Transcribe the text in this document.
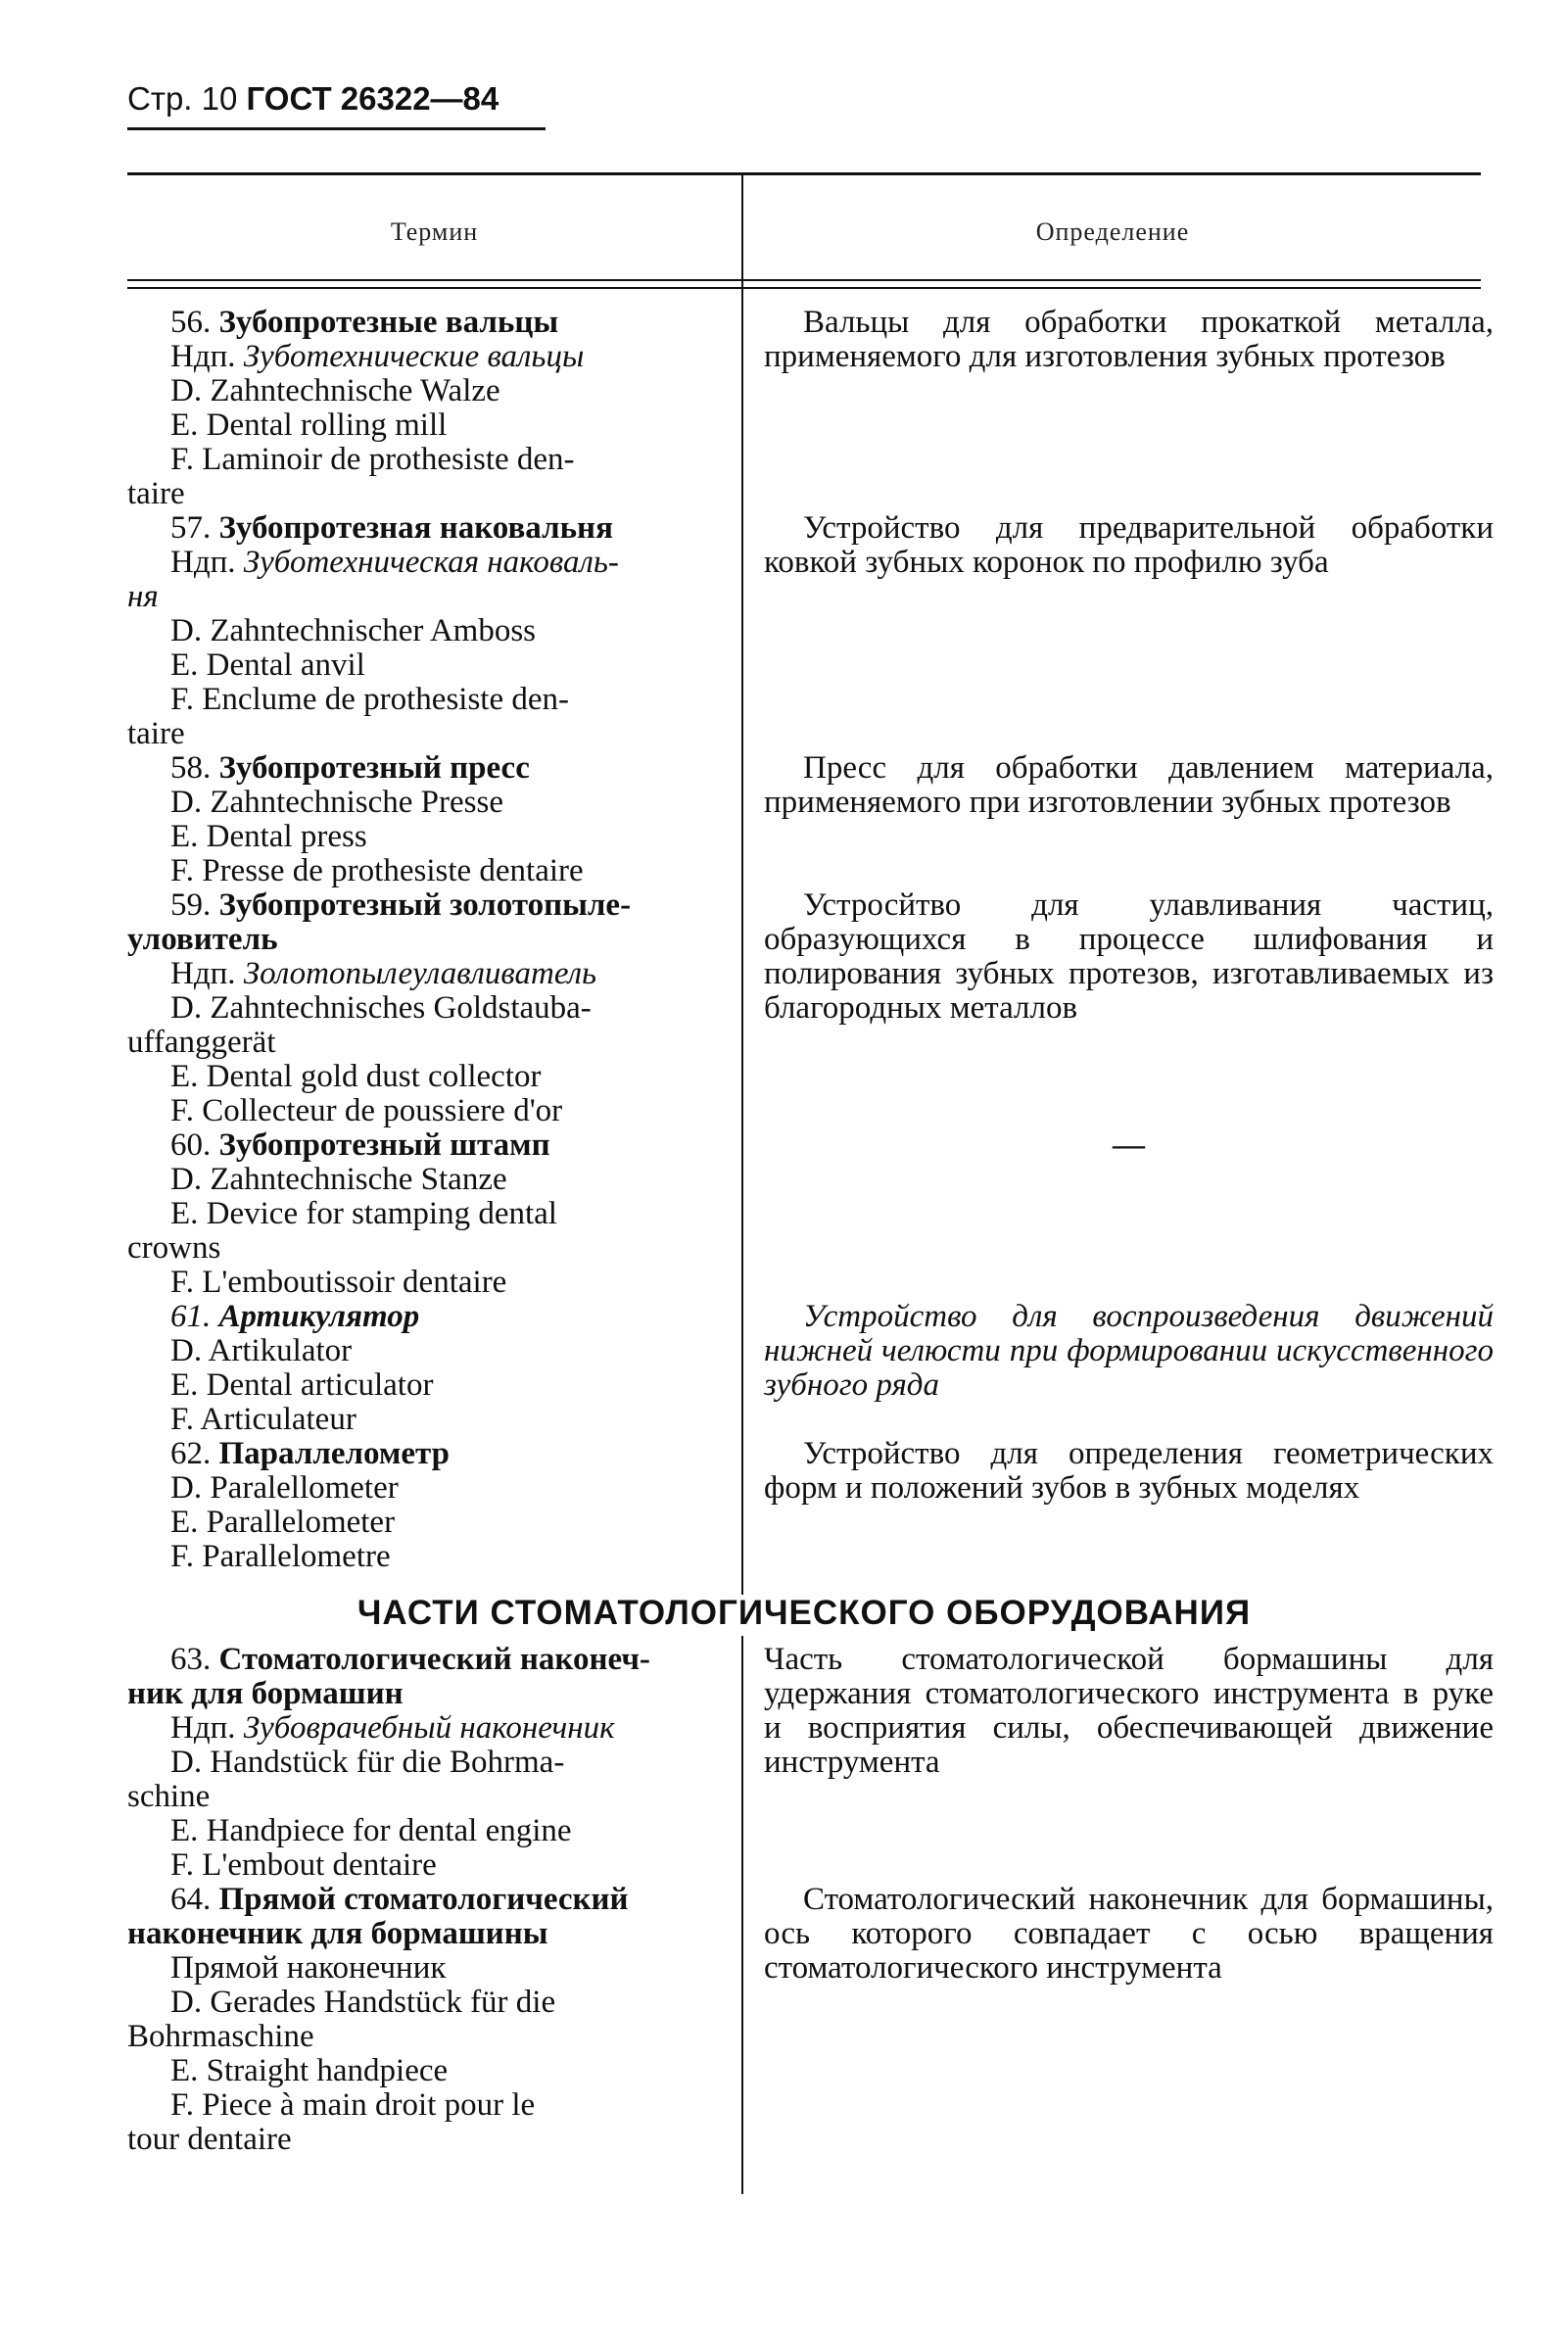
Стр. 10 ГОСТ 26322—84
Термин	Определение
56. Зубопротезные вальцы
Ндп. Зуботехнические вальцы
D. Zahntechnische Walze
E. Dental rolling mill
F. Laminoir de prothesiste den-
taire
Вальцы для обработки прокаткой металла, применяемого для изготовления зубных протезов
57. Зубопротезная наковальня
Ндп. Зуботехническая наковаль-
ня
D. Zahntechnischer Amboss
E. Dental anvil
F. Enclume de prothesiste den-
taire
Устройство для предварительной обработки ковкой зубных коронок по профилю зуба
58. Зубопротезный пресс
D. Zahntechnische Presse
E. Dental press
F. Presse de prothesiste dentaire
Пресс для обработки давлением материала, применяемого при изготовлении зубных протезов
59. Зубопротезный золотопыле-
уловитель
Ндп. Золотопылеулавливатель
D. Zahntechnisches Goldstauba-
uffanggerät
E. Dental gold dust collector
F. Collecteur de poussiere d'or
Устросйтво для улавливания частиц, образующихся в процессе шлифования и полирования зубных протезов, изготавливаемых из благородных металлов
60. Зубопротезный штамп
D. Zahntechnische Stanze
E. Device for stamping dental
crowns
F. L'emboutissoir dentaire
—
61. Артикулятор
D. Artikulator
E. Dental articulator
F. Articulateur
Устройство для воспроизведения движений нижней челюсти при формировании искусственного зубного ряда
62. Параллелометр
D. Paralellometer
E. Parallelometer
F. Parallelometre
Устройство для определения геометрических форм и положений зубов в зубных моделях
ЧАСТИ СТОМАТОЛОГИЧЕСКОГО ОБОРУДОВАНИЯ
63. Стоматологический наконеч-
ник для бормашин
Ндп. Зубоврачебный наконечник
D. Handstück für die Bohrma-
schine
E. Handpiece for dental engine
F. L'embout dentaire
Часть стоматологической бормашины для удержания стоматологического инструмента в руке и восприятия силы, обеспечивающей движение инструмента
64. Прямой стоматологический
наконечник для бормашины
Прямой наконечник
D. Gerades Handstück für die
Bohrmaschine
E. Straight handpiece
F. Piece à main droit pour le
tour dentaire
Стоматологический наконечник для бормашины, ось которого совпадает с осью вращения стоматологического инструмента
